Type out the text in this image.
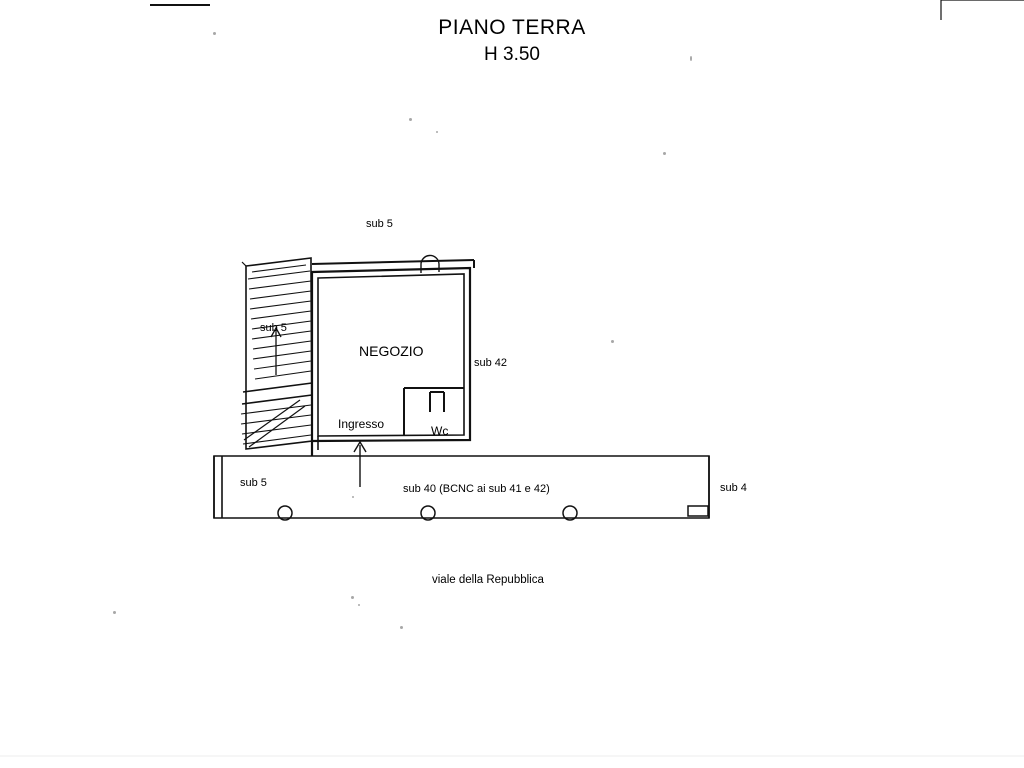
PIANO TERRA
H 3.50
sub 5
sub 5
sub 5
sub 42
sub 4
sub 40 (BCNC ai sub 41 e 42)
NEGOZIO
Ingresso	Wc
viale della Repubblica
